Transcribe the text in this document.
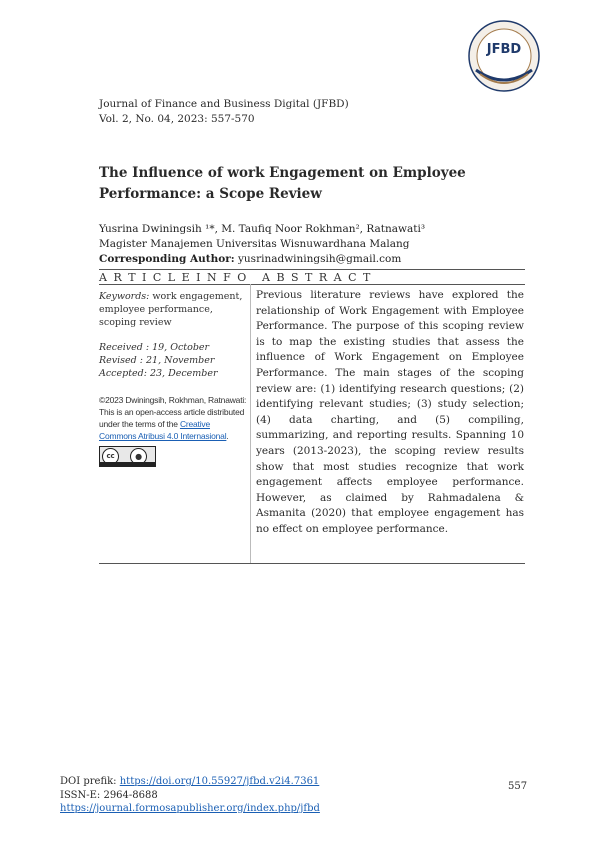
JFBD
Journal of Finance and Business Digital (JFBD)
Vol. 2, No. 04, 2023: 557-570
The Influence of work Engagement on Employee Performance: a Scope Review
Yusrina Dwiningsih ¹*, M. Taufiq Noor Rokhman², Ratnawati³
Magister Manajemen Universitas Wisnuwardhana Malang
Corresponding Author: yusrinadwiningsih@gmail.com
A R T I C L E I N F O A B S T R A C T
Keywords: work engagement, employee performance, scoping review
Received : 19, October
Revised : 21, November
Accepted: 23, December
©2023 Dwiningsih, Rokhman, Ratnawati: This is an open-access article distributed under the terms of the Creative Commons Atribusi 4.0 Internasional.
cc	●
Previous literature reviews have explored the relationship of Work Engagement with Employee Performance. The purpose of this scoping review is to map the existing studies that assess the influence of Work Engagement on Employee Performance. The main stages of the scoping review are: (1) identifying research questions; (2) identifying relevant studies; (3) study selection; (4) data charting, and (5) compiling, summarizing, and reporting results. Spanning 10 years (2013-2023), the scoping review results show that most studies recognize that work engagement affects employee performance. However, as claimed by Rahmadalena & Asmanita (2020) that employee engagement has no effect on employee performance.
DOI prefik: https://doi.org/10.55927/jfbd.v2i4.7361
ISSN-E: 2964-8688
https://journal.formosapublisher.org/index.php/jfbd
557
